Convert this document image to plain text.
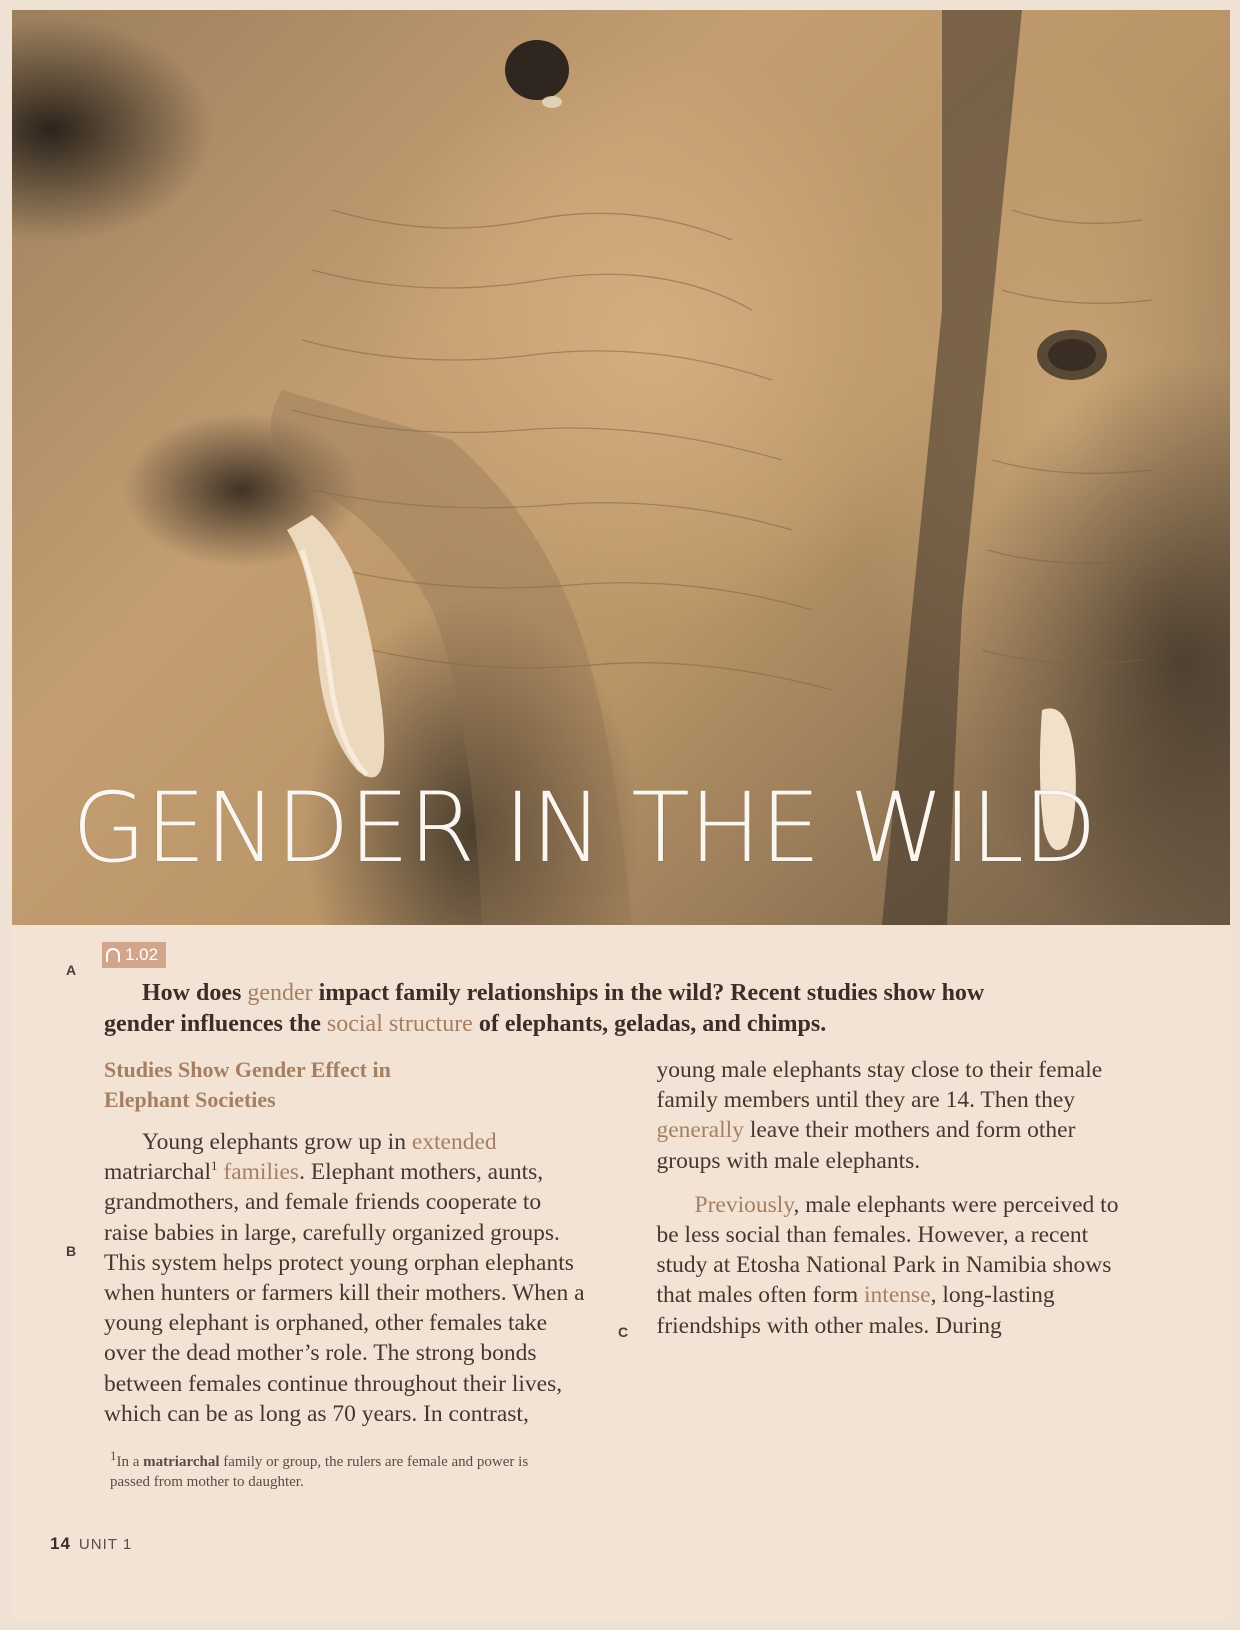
GENDER IN THE WILD
1.02
A

How does gender impact family relationships in the wild? Recent studies show how gender influences the social structure of elephants, geladas, and chimps.

B
C
Studies Show Gender Effect in Elephant Societies

Young elephants grow up in extended matriarchal$^1$ families. Elephant mothers, aunts, grandmothers, and female friends cooperate to raise babies in large, carefully organized groups. This system helps protect young orphan elephants when hunters or farmers kill their mothers. When a young elephant is orphaned, other females take over the dead mother’s role. The strong bonds between females continue throughout their lives, which can be as long as 70 years. In contrast, young male elephants stay close to their female family members until they are 14. Then they generally leave their mothers and form other groups with male elephants.

Previously, male elephants were perceived to be less social than females. However, a recent study at Etosha National Park in Namibia shows that males often form intense, long-lasting friendships with other males. During

$^1$In a matriarchal family or group, the rulers are female and power is passed from mother to daughter.
14 UNIT 1
